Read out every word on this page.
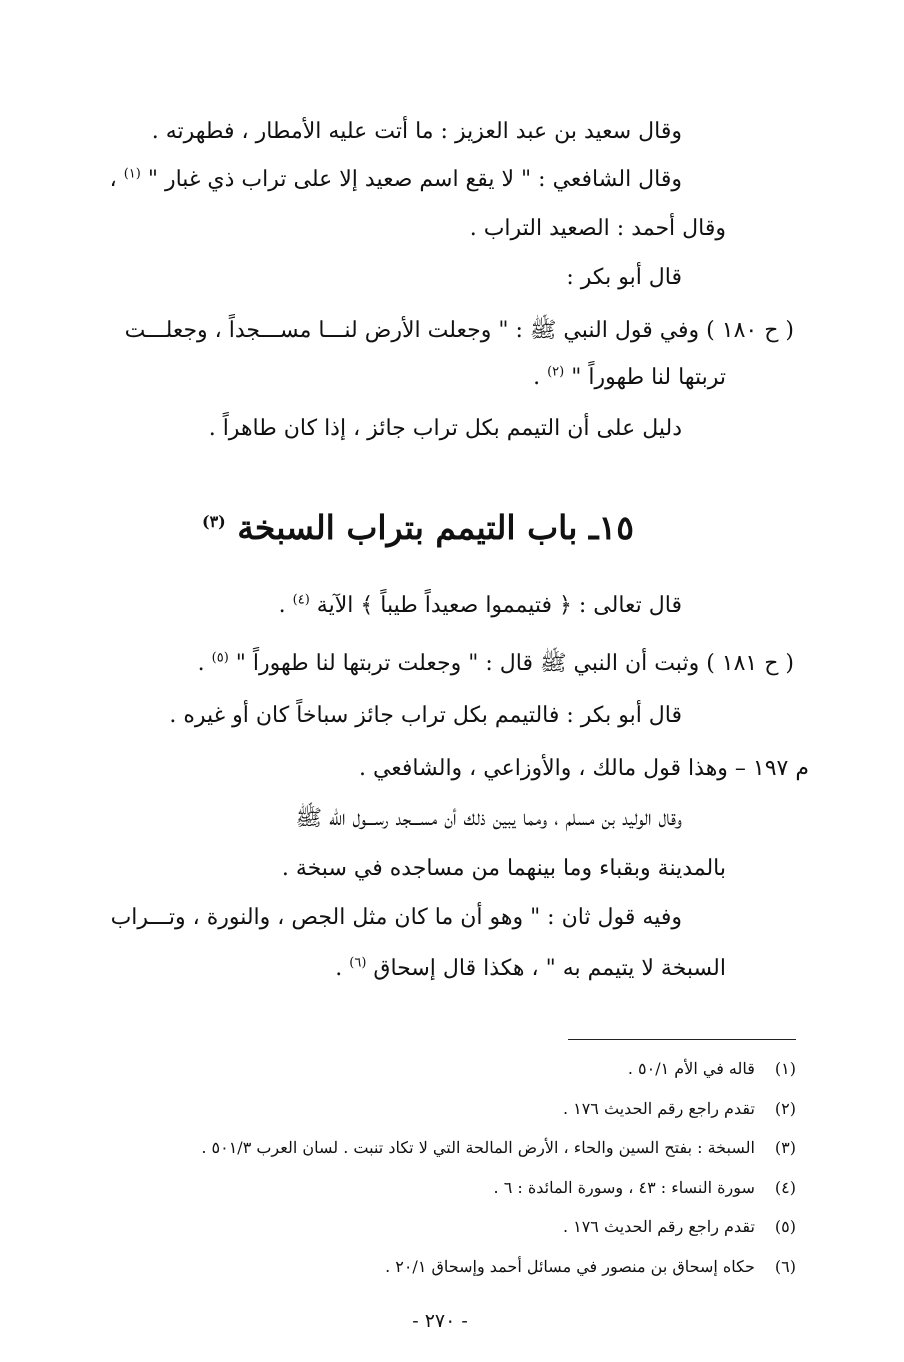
وقال سعيد بن عبد العزيز : ما أتت عليه الأمطار ، فطهرته .
وقال الشافعي : " لا يقع اسم صعيد إلا على تراب ذي غبار " $^{(١)}$ ،
وقال أحمد : الصعيد التراب .
قال أبو بكر :
( ح ١٨٠ ) وفي قول النبي ﷺ : " وجعلت الأرض لنـــا مســـجداً ، وجعلـــت
تربتها لنا طهوراً " $^{(٢)}$ .
دليل على أن التيمم بكل تراب جائز ، إذا كان طاهراً .
١٥ـ باب التيمم بتراب السبخة $^{(٣)}$
قال تعالى : ﴿ فتيمموا صعيداً طيباً ﴾ الآية $^{(٤)}$ .
( ح ١٨١ ) وثبت أن النبي ﷺ قال : " وجعلت تربتها لنا طهوراً " $^{(٥)}$ .
قال أبو بكر : فالتيمم بكل تراب جائز سباخاً كان أو غيره .
م ١٩٧ – وهذا قول مالك ، والأوزاعي ، والشافعي .
وقال الوليد بن مسلم ، ومما يبين ذلك أن مســـجد رســـول الله ﷺ
بالمدينة وبقباء وما بينهما من مساجده في سبخة .
وفيه قول ثان : " وهو أن ما كان مثل الجص ، والنورة ، وتـــراب
السبخة لا يتيمم به " ، هكذا قال إسحاق $^{(٦)}$ .
(١) قاله في الأم ٥٠/١ .
(٢) تقدم راجع رقم الحديث ١٧٦ .
(٣) السبخة : بفتح السين والحاء ، الأرض المالحة التي لا تكاد تنبت . لسان العرب ٥٠١/٣ .
(٤) سورة النساء : ٤٣ ، وسورة المائدة : ٦ .
(٥) تقدم راجع رقم الحديث ١٧٦ .
(٦) حكاه إسحاق بن منصور في مسائل أحمد وإسحاق ٢٠/١ .
- ٢٧٠ -
